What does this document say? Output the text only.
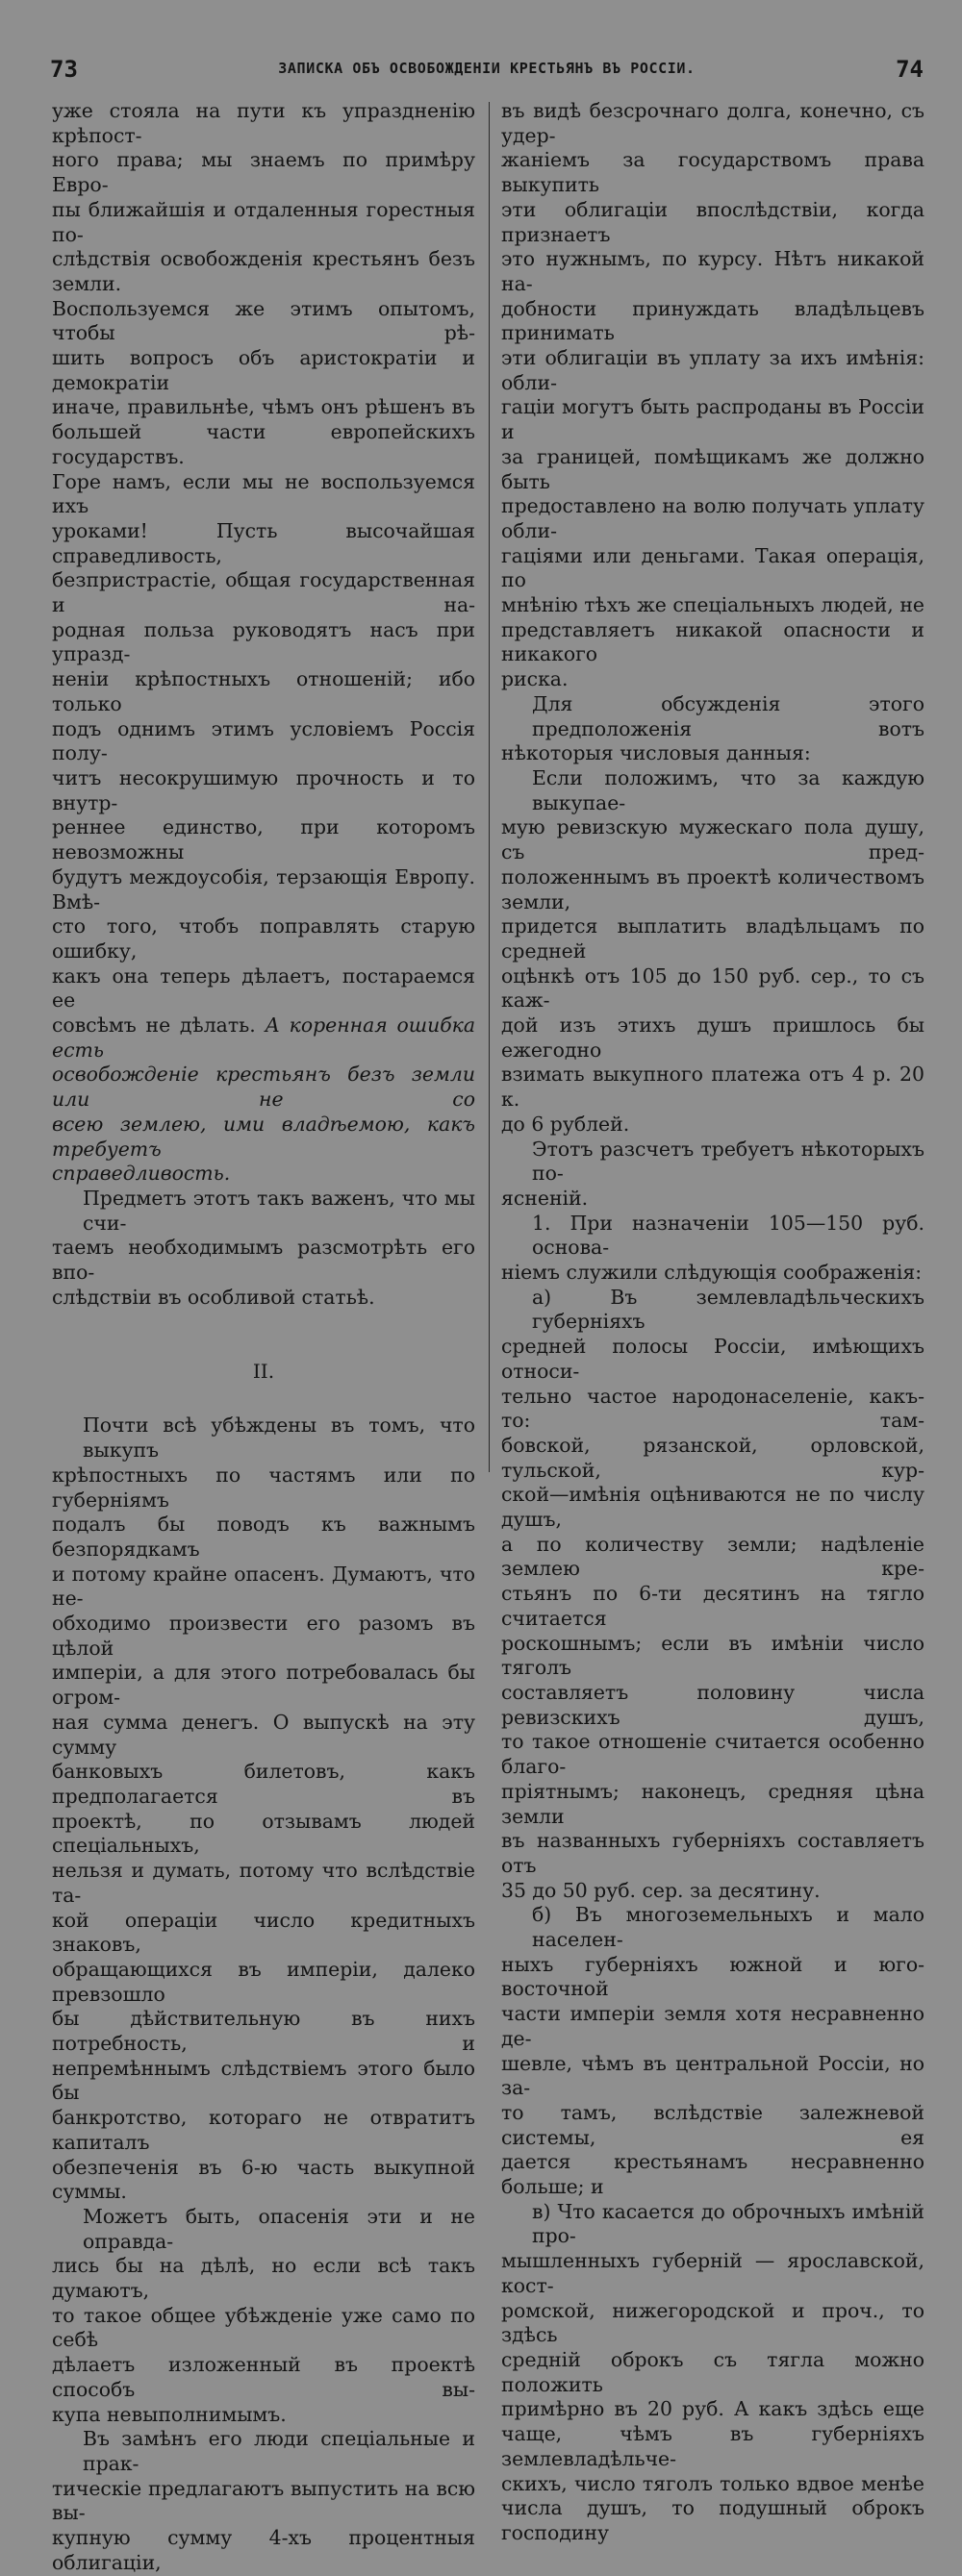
73	ЗАПИСКА ОБЪ ОСВОБОЖДЕНІИ КРЕСТЬЯНЪ ВЪ РОССІИ.	74

уже стояла на пути къ упраздненію крѣпост-
ного права; мы знаемъ по примѣру Евро-
пы ближайшія и отдаленныя горестныя по-
слѣдствія освобожденія крестьянъ безъ земли.
Воспользуемся же этимъ опытомъ, чтобы рѣ-
шить вопросъ объ аристократіи и демократіи
иначе, правильнѣе, чѣмъ онъ рѣшенъ въ
большей части европейскихъ государствъ.
Горе намъ, если мы не воспользуемся ихъ
уроками! Пусть высочайшая справедливость,
безпристрастіе, общая государственная и на-
родная польза руководятъ насъ при упразд-
неніи крѣпостныхъ отношеній; ибо только
подъ однимъ этимъ условіемъ Россія полу-
читъ несокрушимую прочность и то внутр-
реннее единство, при которомъ невозможны
будутъ междоусобія, терзающія Европу. Вмѣ-
сто того, чтобъ поправлять старую ошибку,
какъ она теперь дѣлаетъ, постараемся ее
совсѣмъ не дѣлать. А коренная ошибка есть
освобожденіе крестьянъ безъ земли или не со
всею землею, ими владѣемою, какъ требуетъ
справедливость.

Предметъ этотъ такъ важенъ, что мы счи-
таемъ необходимымъ разсмотрѣть его впо-
слѣдствіи въ особливой статьѣ.

II.

Почти всѣ убѣждены въ томъ, что выкупъ
крѣпостныхъ по частямъ или по губерніямъ
подалъ бы поводъ къ важнымъ безпорядкамъ
и потому крайне опасенъ. Думаютъ, что не-
обходимо произвести его разомъ въ цѣлой
имперіи, а для этого потребовалась бы огром-
ная сумма денегъ. О выпускѣ на эту сумму
банковыхъ билетовъ, какъ предполагается въ
проектѣ, по отзывамъ людей спеціальныхъ,
нельзя и думать, потому что вслѣдствіе та-
кой операціи число кредитныхъ знаковъ,
обращающихся въ имперіи, далеко превзошло
бы дѣйствительную въ нихъ потребность, и
непремѣннымъ слѣдствіемъ этого было бы
банкротство, котораго не отвратитъ капиталъ
обезпеченія въ 6-ю часть выкупной суммы.

Можетъ быть, опасенія эти и не оправда-
лись бы на дѣлѣ, но если всѣ такъ думаютъ,
то такое общее убѣжденіе уже само по себѣ
дѣлаетъ изложенный въ проектѣ способъ вы-
купа невыполнимымъ.

Въ замѣнъ его люди спеціальные и прак-
тическіе предлагаютъ выпустить на всю вы-
купную сумму 4-хъ процентныя облигаціи,

въ видѣ безсрочнаго долга, конечно, съ удер-
жаніемъ за государствомъ права выкупить
эти облигаціи впослѣдствіи, когда признаетъ
это нужнымъ, по курсу. Нѣтъ никакой на-
добности принуждать владѣльцевъ принимать
эти облигаціи въ уплату за ихъ имѣнія: обли-
гаціи могутъ быть распроданы въ Россіи и
за границей, помѣщикамъ же должно быть
предоставлено на волю получать уплату обли-
гаціями или деньгами. Такая операція, по
мнѣнію тѣхъ же спеціальныхъ людей, не
представляетъ никакой опасности и никакого
риска.

Для обсужденія этого предположенія вотъ
нѣкоторыя числовыя данныя:

Если положимъ, что за каждую выкупае-
мую ревизскую мужескаго пола душу, съ пред-
положеннымъ въ проектѣ количествомъ земли,
придется выплатить владѣльцамъ по средней
оцѣнкѣ отъ 105 до 150 руб. сер., то съ каж-
дой изъ этихъ душъ пришлось бы ежегодно
взимать выкупного платежа отъ 4 р. 20 к.
до 6 рублей.

Этотъ разсчетъ требуетъ нѣкоторыхъ по-
ясненій.

1. При назначеніи 105—150 руб. основа-
ніемъ служили слѣдующія соображенія:

а) Въ землевладѣльческихъ губерніяхъ
средней полосы Россіи, имѣющихъ относи-
тельно частое народонаселеніе, какъ-то: там-
бовской, рязанской, орловской, тульской, кур-
ской—имѣнія оцѣниваются не по числу душъ,
а по количеству земли; надѣленіе землею кре-
стьянъ по 6-ти десятинъ на тягло считается
роскошнымъ; если въ имѣніи число тяголъ
составляетъ половину числа ревизскихъ душъ,
то такое отношеніе считается особенно благо-
пріятнымъ; наконецъ, средняя цѣна земли
въ названныхъ губерніяхъ составляетъ отъ
35 до 50 руб. сер. за десятину.

б) Въ многоземельныхъ и мало населен-
ныхъ губерніяхъ южной и юго-восточной
части имперіи земля хотя несравненно де-
шевле, чѣмъ въ центральной Россіи, но за-
то тамъ, вслѣдствіе залежневой системы, ея
дается крестьянамъ несравненно больше; и

в) Что касается до оброчныхъ имѣній про-
мышленныхъ губерній — ярославской, кост-
ромской, нижегородской и проч., то здѣсь
средній оброкъ съ тягла можно положить
примѣрно въ 20 руб. А какъ здѣсь еще
чаще, чѣмъ въ губерніяхъ землевладѣльче-
скихъ, число тяголъ только вдвое менѣе
числа душъ, то подушный оброкъ господину
